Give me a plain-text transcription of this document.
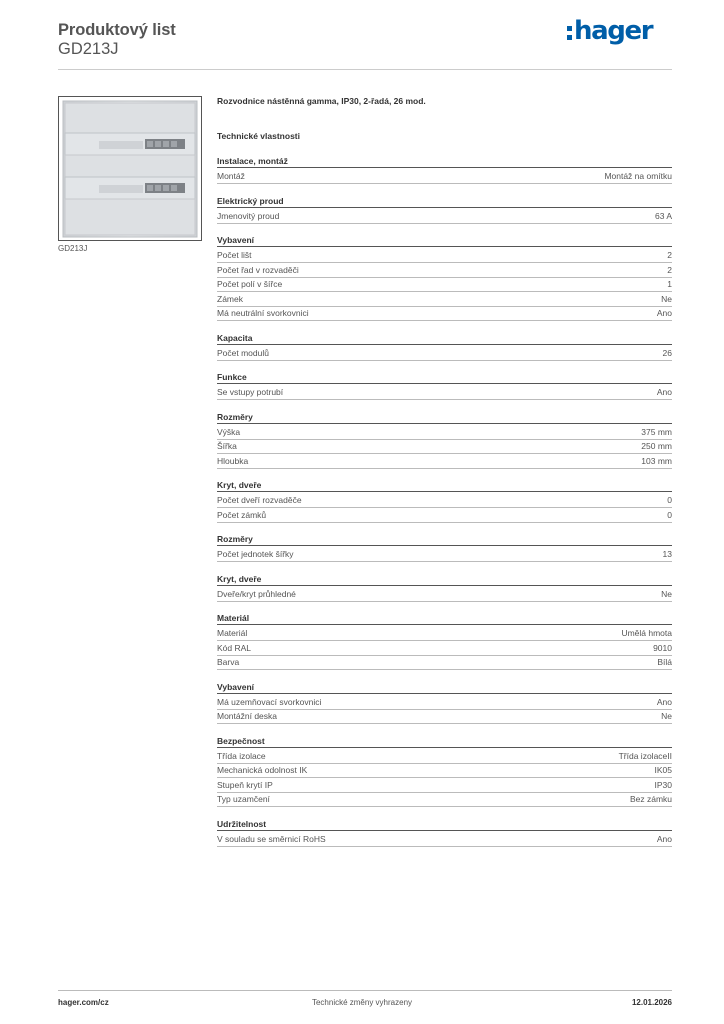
Produktový list
GD213J
hager
GD213J
Rozvodnice nástěnná gamma, IP30, 2-řadá, 26 mod.
Technické vlastnosti
Instalace, montáž
Montáž	Montáž na omítku
Elektrický proud
Jmenovitý proud	63 A
Vybavení
Počet lišt	2
Počet řad v rozvaděči	2
Počet polí v šířce	1
Zámek	Ne
Má neutrální svorkovnici	Ano
Kapacita
Počet modulů	26
Funkce
Se vstupy potrubí	Ano
Rozměry
Výška	375 mm
Šířka	250 mm
Hloubka	103 mm
Kryt, dveře
Počet dveří rozvaděče	0
Počet zámků	0
Rozměry
Počet jednotek šířky	13
Kryt, dveře
Dveře/kryt průhledné	Ne
Materiál
Materiál	Umělá hmota
Kód RAL	9010
Barva	Bílá
Vybavení
Má uzemňovací svorkovnici	Ano
Montážní deska	Ne
Bezpečnost
Třída izolace	Třída izolaceII
Mechanická odolnost IK	IK05
Stupeň krytí IP	IP30
Typ uzamčení	Bez zámku
Udržitelnost
V souladu se směrnicí RoHS	Ano
hager.com/cz	Technické změny vyhrazeny	12.01.2026
